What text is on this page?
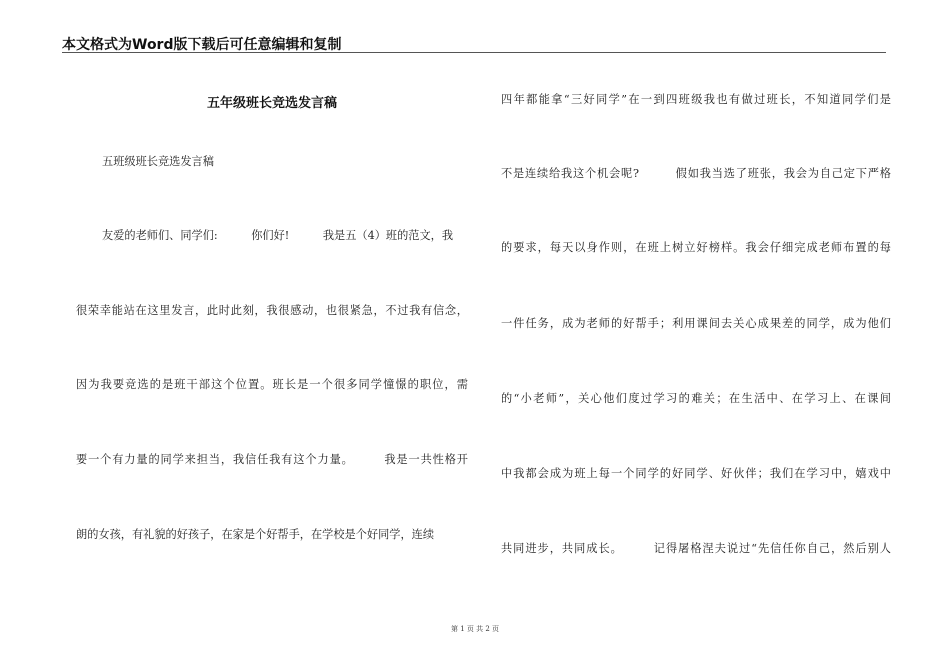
本文格式为Word版下载后可任意编辑和复制
五年级班长竞选发言稿
五班级班长竞选发言稿
友爱的老师们、同学们:　　　你们好!　　　我是五（4）班的范文，我
很荣幸能站在这里发言，此时此刻，我很感动，也很紧急，不过我有信念，
因为我要竞选的是班干部这个位置。班长是一个很多同学憧憬的职位，需
要一个有力量的同学来担当，我信任我有这个力量。　　　我是一共性格开
朗的女孩，有礼貌的好孩子，在家是个好帮手，在学校是个好同学，连续
四年都能拿“三好同学”在一到四班级我也有做过班长，不知道同学们是
不是连续给我这个机会呢?　　　假如我当选了班张，我会为自己定下严格
的要求，每天以身作则，在班上树立好榜样。我会仔细完成老师布置的每
一件任务，成为老师的好帮手；利用课间去关心成果差的同学，成为他们
的“小老师”，关心他们度过学习的难关；在生活中、在学习上、在课间
中我都会成为班上每一个同学的好同学、好伙伴；我们在学习中，嬉戏中
共同进步，共同成长。　　　记得屠格涅夫说过“先信任你自己，然后别人
第 1 页 共 2 页
